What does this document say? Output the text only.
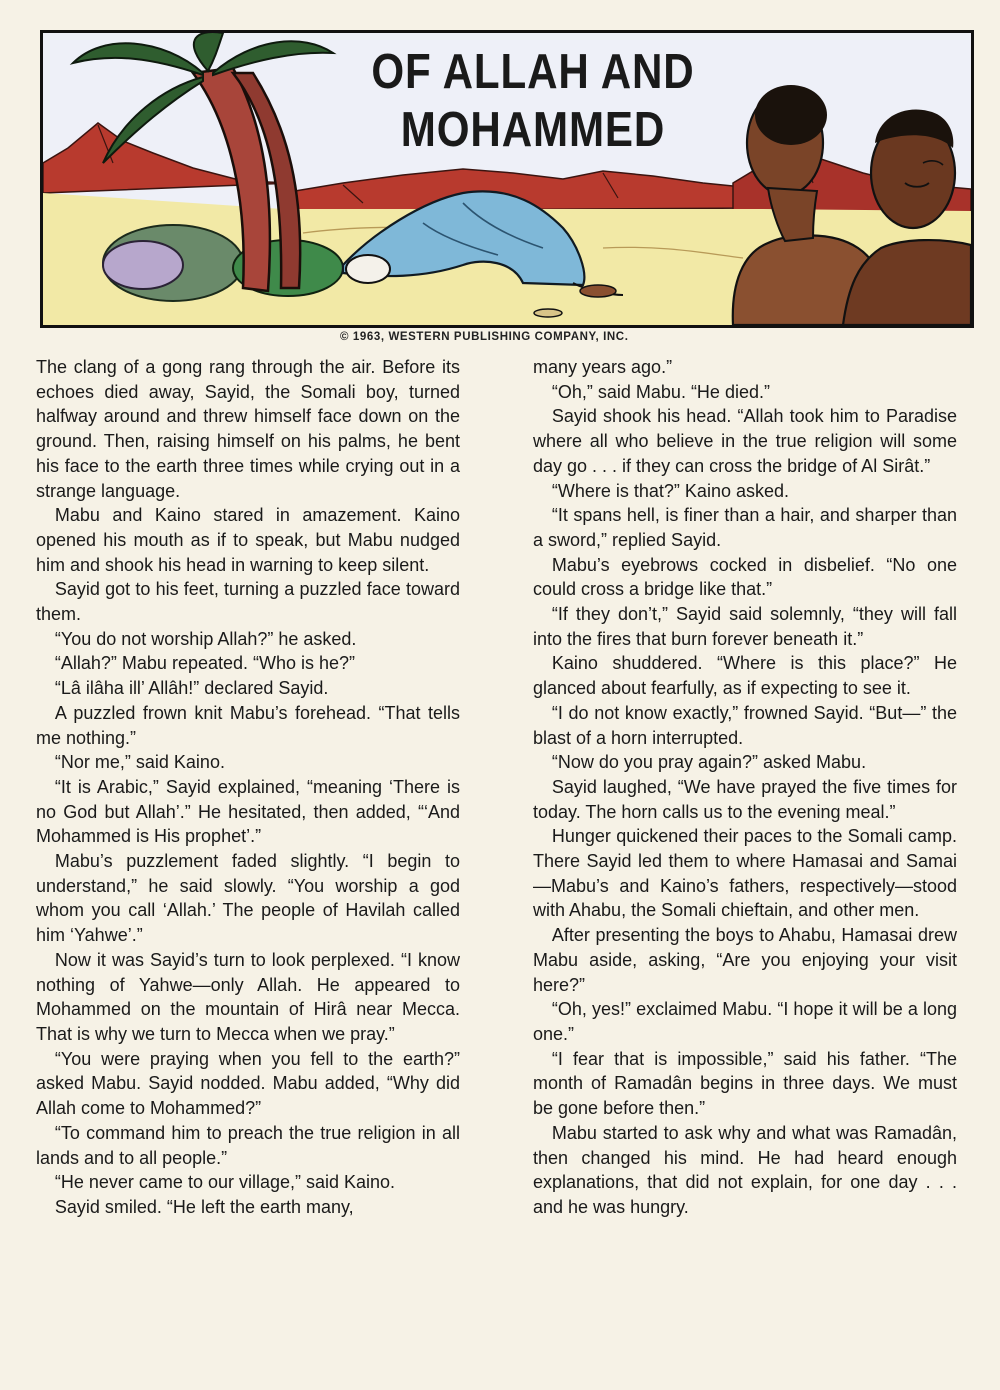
OF ALLAH AND
MOHAMMED
© 1963, WESTERN PUBLISHING COMPANY, INC.

The clang of a gong rang through the air. Before its echoes died away, Sayid, the Somali boy, turned halfway around and threw himself face down on the ground. Then, raising himself on his palms, he bent his face to the earth three times while crying out in a strange language.

Mabu and Kaino stared in amazement. Kaino opened his mouth as if to speak, but Mabu nudged him and shook his head in warning to keep silent.

Sayid got to his feet, turning a puzzled face toward them.

“You do not worship Allah?” he asked.

“Allah?” Mabu repeated. “Who is he?”

“Lâ ilâha ill’ Allâh!” declared Sayid.

A puzzled frown knit Mabu’s forehead. “That tells me nothing.”

“Nor me,” said Kaino.

“It is Arabic,” Sayid explained, “meaning ‘There is no God but Allah’.” He hesitated, then added, “‘And Mohammed is His prophet’.”

Mabu’s puzzlement faded slightly. “I begin to understand,” he said slowly. “You worship a god whom you call ‘Allah.’ The people of Havilah called him ‘Yahwe’.”

Now it was Sayid’s turn to look perplexed. “I know nothing of Yahwe—only Allah. He appeared to Mohammed on the mountain of Hirâ near Mecca. That is why we turn to Mecca when we pray.”

“You were praying when you fell to the earth?” asked Mabu. Sayid nodded. Mabu added, “Why did Allah come to Mohammed?”

“To command him to preach the true religion in all lands and to all people.”

“He never came to our village,” said Kaino.

Sayid smiled. “He left the earth many,

many years ago.”

“Oh,” said Mabu. “He died.”

Sayid shook his head. “Allah took him to Paradise where all who believe in the true religion will some day go . . . if they can cross the bridge of Al Sirât.”

“Where is that?” Kaino asked.

“It spans hell, is finer than a hair, and sharper than a sword,” replied Sayid.

Mabu’s eyebrows cocked in disbelief. “No one could cross a bridge like that.”

“If they don’t,” Sayid said solemnly, “they will fall into the fires that burn forever beneath it.”

Kaino shuddered. “Where is this place?” He glanced about fearfully, as if expecting to see it.

“I do not know exactly,” frowned Sayid. “But—” the blast of a horn interrupted.

“Now do you pray again?” asked Mabu.

Sayid laughed, “We have prayed the five times for today. The horn calls us to the evening meal.”

Hunger quickened their paces to the Somali camp. There Sayid led them to where Hamasai and Samai—Mabu’s and Kaino’s fathers, respectively—stood with Ahabu, the Somali chieftain, and other men.

After presenting the boys to Ahabu, Hamasai drew Mabu aside, asking, “Are you enjoying your visit here?”

“Oh, yes!” exclaimed Mabu. “I hope it will be a long one.”

“I fear that is impossible,” said his father. “The month of Ramadân begins in three days. We must be gone before then.”

Mabu started to ask why and what was Ramadân, then changed his mind. He had heard enough explanations, that did not explain, for one day . . . and he was hungry.
